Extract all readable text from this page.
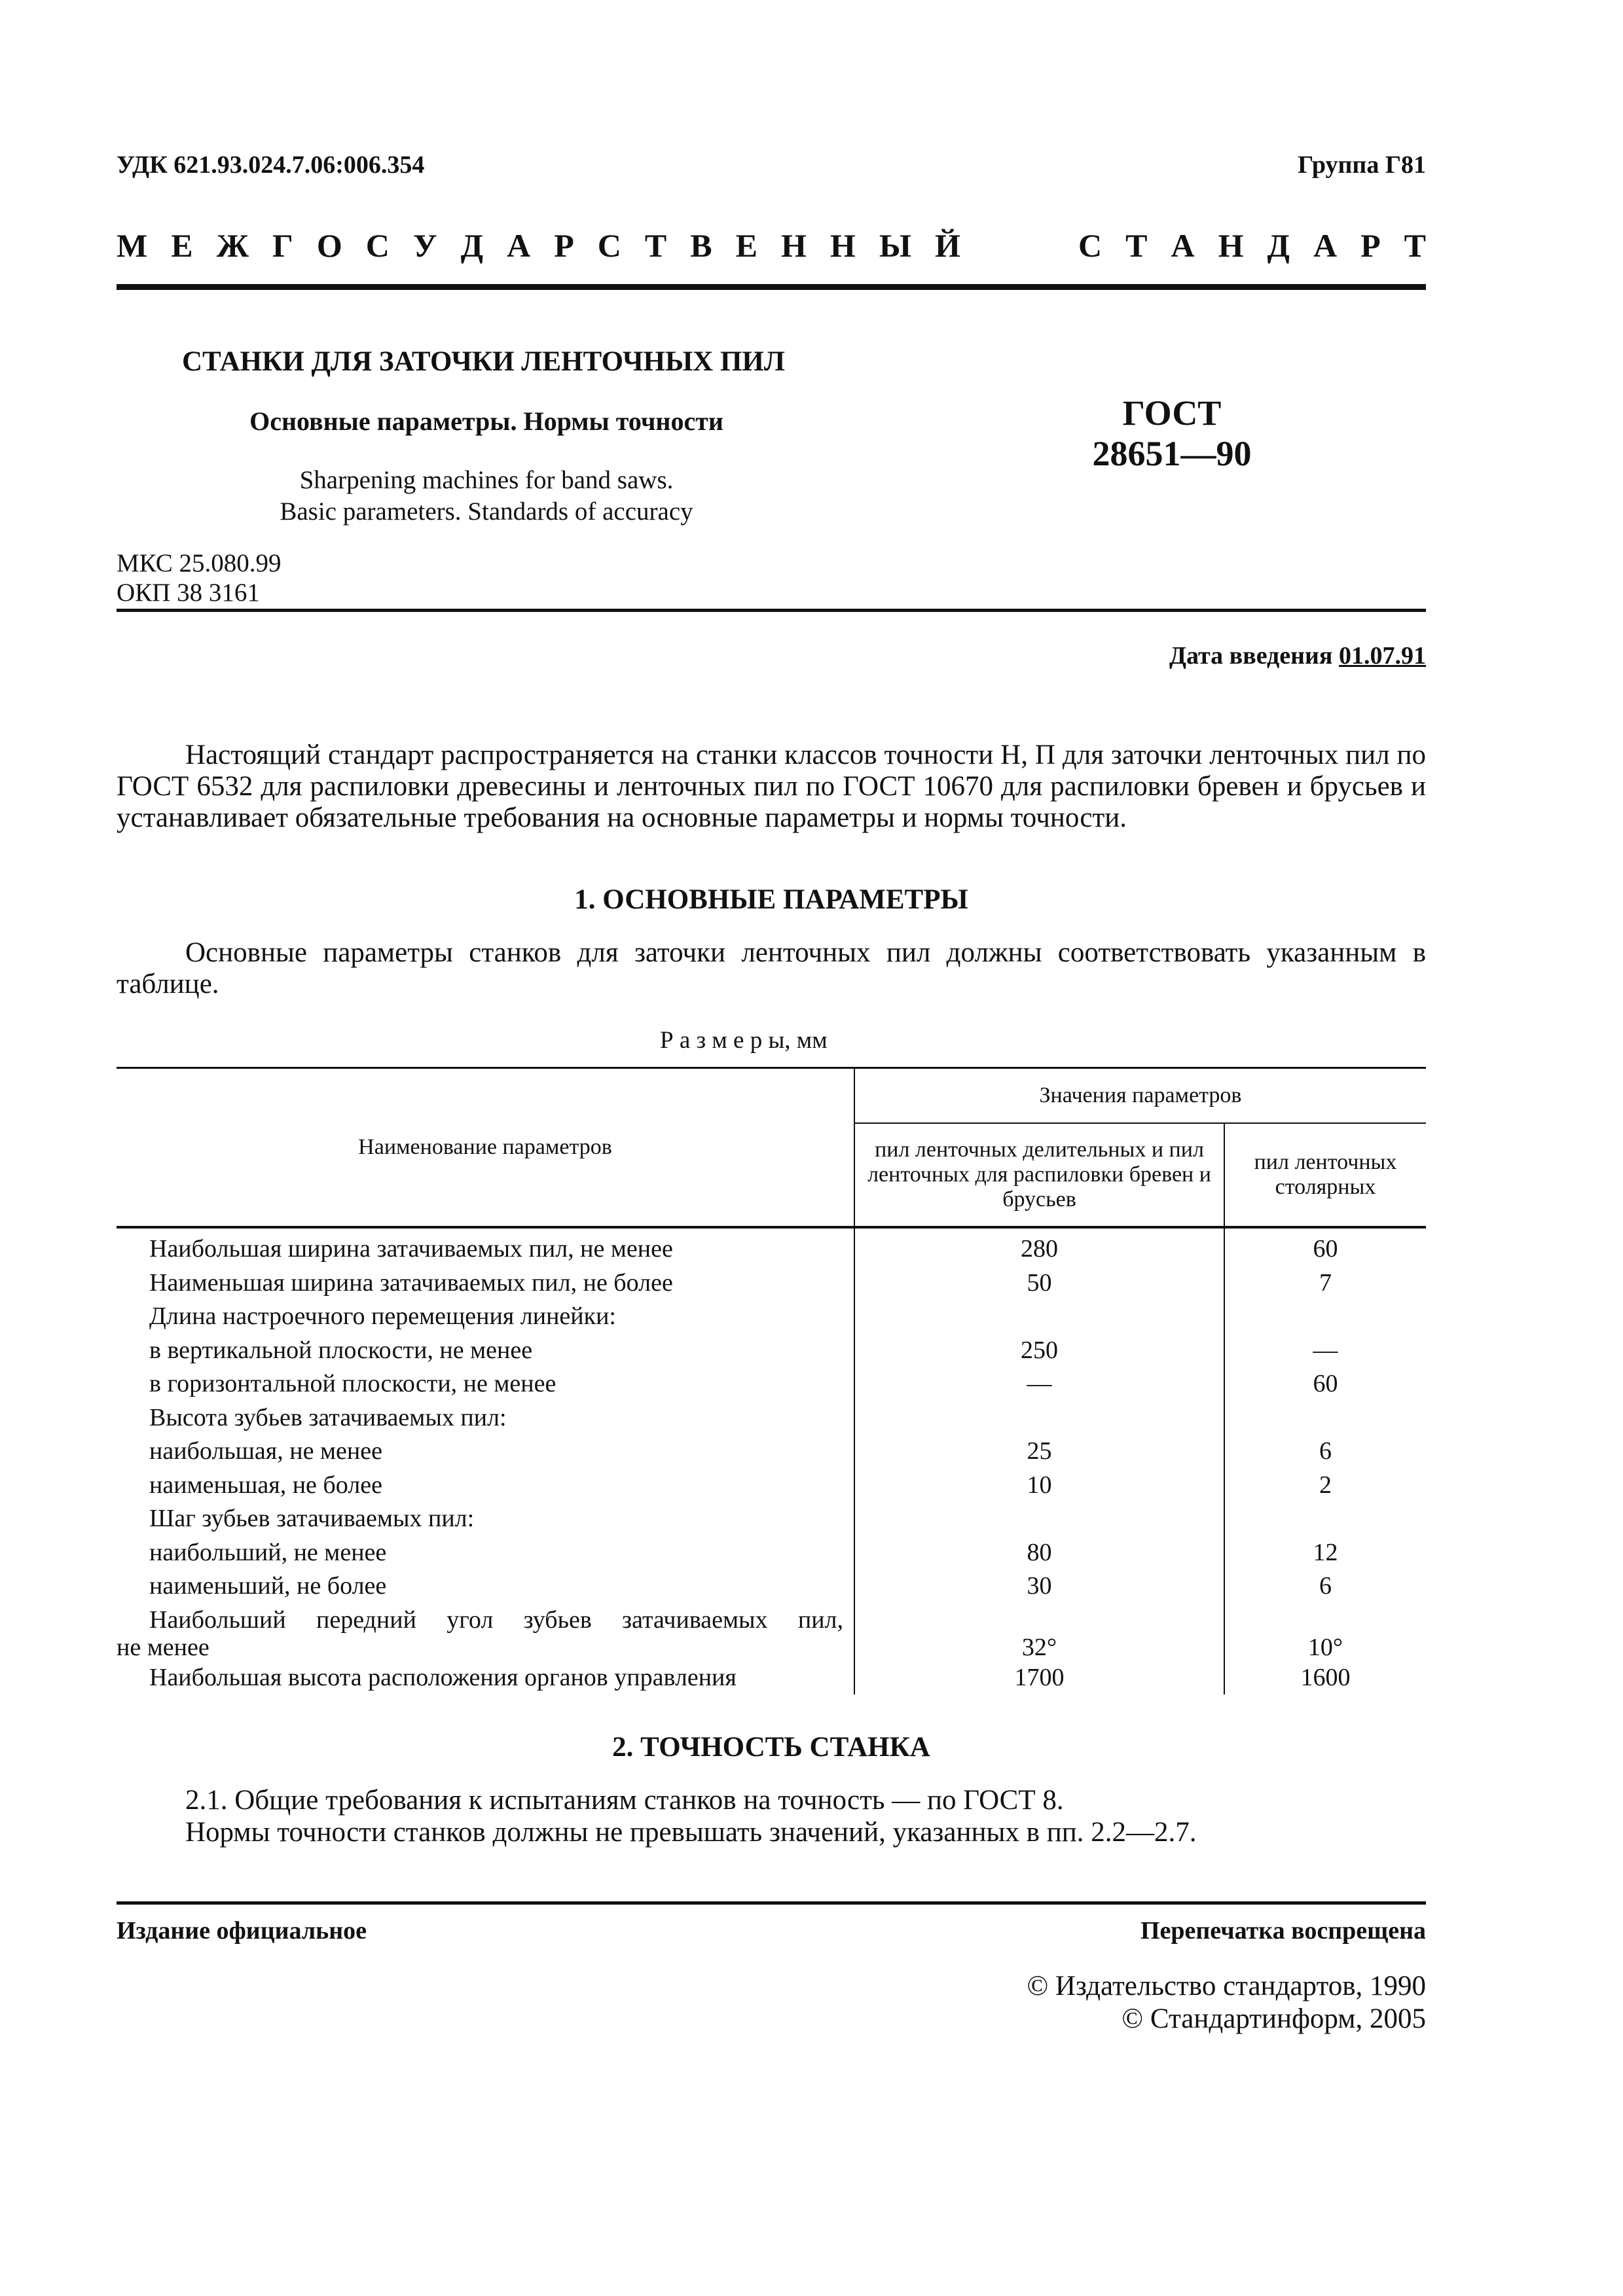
УДК 621.93.024.7.06:006.354	Группа Г81
М Е Ж Г О С У Д А Р С Т В Е Н Н Ы Й     С Т А Н Д А Р Т
СТАНКИ ДЛЯ ЗАТОЧКИ ЛЕНТОЧНЫХ ПИЛ
Основные параметры. Нормы точности
Sharpening machines for band saws.
Basic parameters. Standards of accuracy
ГОСТ
28651—90
МКС 25.080.99
ОКП 38 3161
Дата введения 01.07.91
Настоящий стандарт распространяется на станки классов точности Н, П для заточки ленточных пил по ГОСТ 6532 для распиловки древесины и ленточных пил по ГОСТ 10670 для распиловки бревен и брусьев и устанавливает обязательные требования на основные параметры и нормы точности.
1. ОСНОВНЫЕ ПАРАМЕТРЫ
Основные параметры станков для заточки ленточных пил должны соответствовать указанным в таблице.
Р а з м е р ы, мм
Наименование параметров	Значения параметров	
	пил ленточных делительных и пил ленточных для распиловки бревен и брусьев	пил ленточных столярных

Наибольшая ширина затачиваемых пил, не менее	280	60
Наименьшая ширина затачиваемых пил, не более	50	7
Длина настроечного перемещения линейки:		
в вертикальной плоскости, не менее	250	—
в горизонтальной плоскости, не менее	—	60
Высота зубьев затачиваемых пил:		
наибольшая, не менее	25	6
наименьшая, не более	10	2
Шаг зубьев затачиваемых пил:		
наибольший, не менее	80	12
наименьший, не более	30	6

Наибольший передний угол зубьев затачиваемых пил,
не менее	32°	10°
Наибольшая высота расположения органов управления	1700	1600
2. ТОЧНОСТЬ СТАНКА
2.1. Общие требования к испытаниям станков на точность — по ГОСТ 8.
Нормы точности станков должны не превышать значений, указанных в пп. 2.2—2.7.
Издание официальное	Перепечатка воспрещена
© Издательство стандартов, 1990
© Стандартинформ, 2005
